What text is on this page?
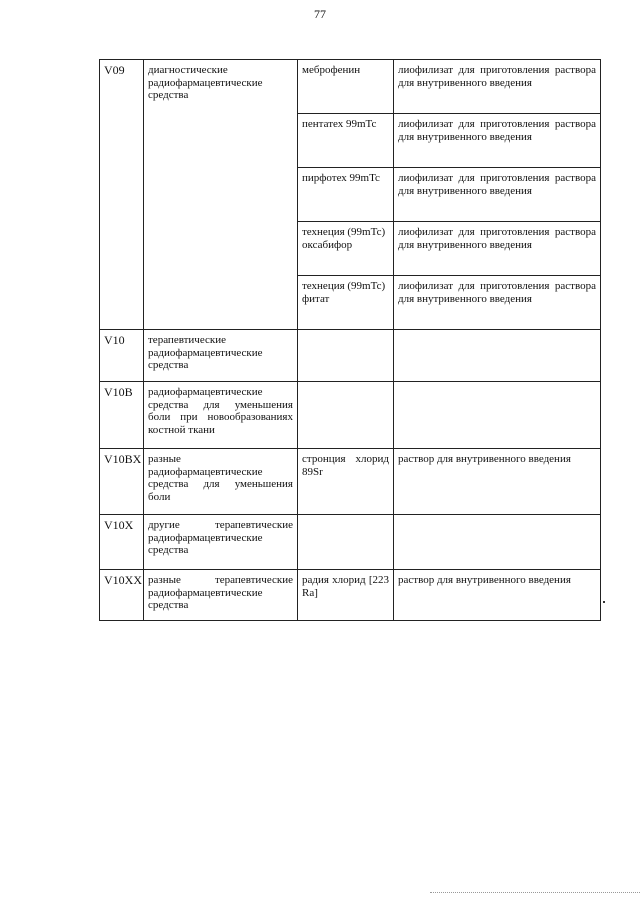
77
V09	диагностические радиофармацевтические средства	меброфенин	лиофилизат для приготовления раствора для внутривенного введения
		пентатех 99mTc	лиофилизат для приготовления раствора для внутривенного введения
		пирфотех 99mTc	лиофилизат для приготовления раствора для внутривенного введения
		технеция (99mTc) оксабифор	лиофилизат для приготовления раствора для внутривенного введения
		технеция (99mTc) фитат	лиофилизат для приготовления раствора для внутривенного введения
V10	терапевтические радиофармацевтические средства		
V10B	радиофармацевтические средства для уменьшения боли при новообразованиях костной ткани		
V10BX	разные радиофармацевтические средства для уменьшения боли	стронция хлорид 89Sr	раствор для внутривенного введения
V10X	другие терапевтические радиофармацевтические средства		
V10XX	разные терапевтические радиофармацевтические средства	радия хлорид [223 Ra]	раствор для внутривенного введения
